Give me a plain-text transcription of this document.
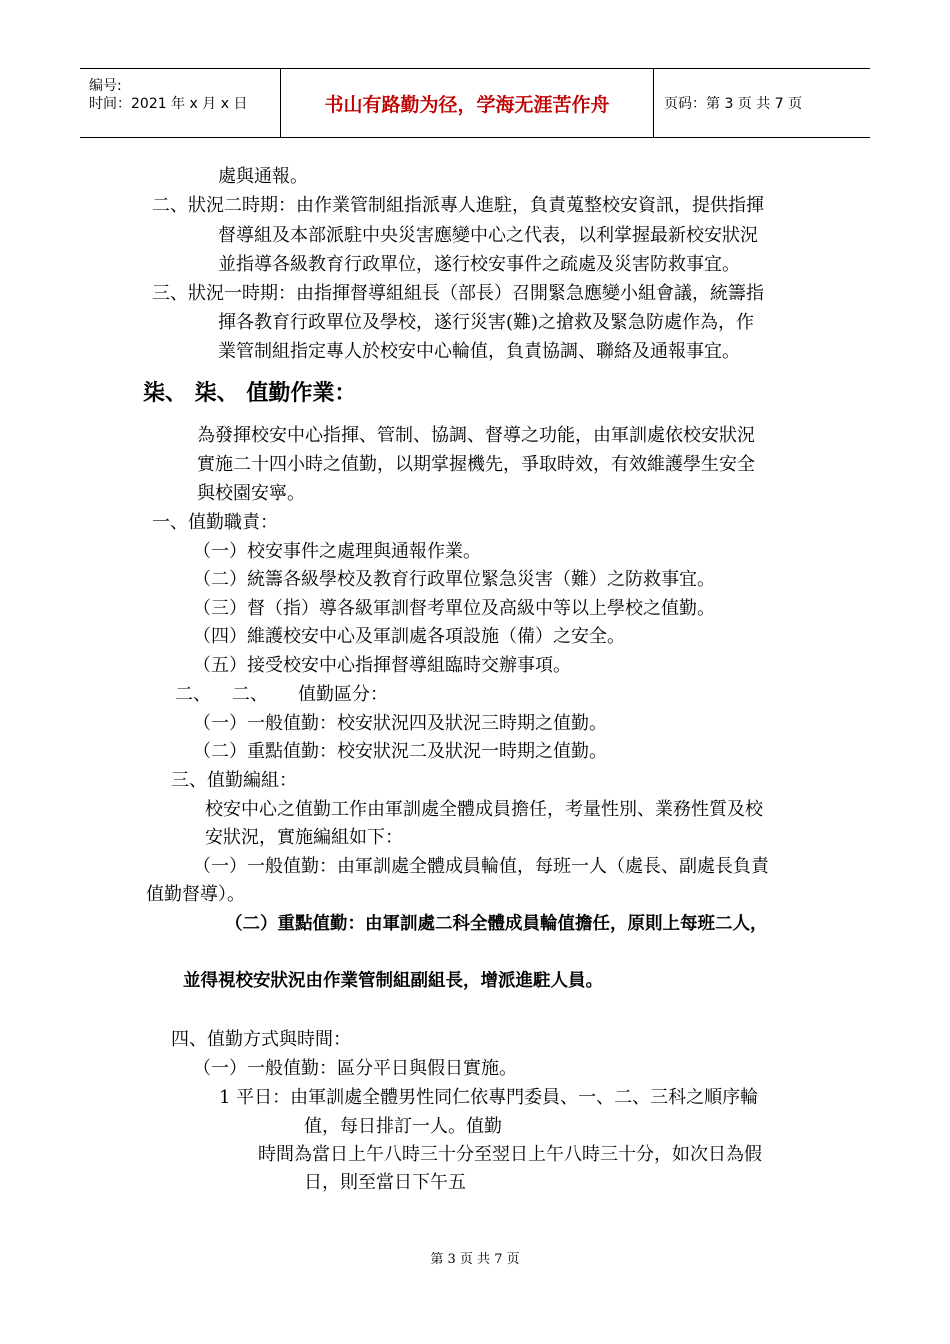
编号:
时间：2021 年 x 月 x 日	书山有路勤为径，学海无涯苦作舟	页码：第 3 页 共 7 页
處與通報。
二、狀況二時期：由作業管制組指派專人進駐，負責蒐整校安資訊，提供指揮
督導組及本部派駐中央災害應變中心之代表，以利掌握最新校安狀況
並指導各級教育行政單位，遂行校安事件之疏處及災害防救事宜。
三、狀況一時期：由指揮督導組組長（部長）召開緊急應變小組會議，統籌指
揮各教育行政單位及學校，遂行災害(難)之搶救及緊急防處作為，作
業管制組指定專人於校安中心輪值，負責協調、聯絡及通報事宜。
柒、 柒、 值勤作業：
為發揮校安中心指揮、管制、協調、督導之功能，由軍訓處依校安狀況
實施二十四小時之值勤，以期掌握機先，爭取時效，有效維護學生安全
與校園安寧。
一、值勤職責：
（一）校安事件之處理與通報作業。
（二）統籌各級學校及教育行政單位緊急災害（難）之防救事宜。
（三）督（指）導各級軍訓督考單位及高級中等以上學校之值勤。
（四）維護校安中心及軍訓處各項設施（備）之安全。
（五）接受校安中心指揮督導組臨時交辦事項。
二、 二、 值勤區分：
（一）一般值勤：校安狀況四及狀況三時期之值勤。
（二）重點值勤：校安狀況二及狀況一時期之值勤。
三、值勤編組：
校安中心之值勤工作由軍訓處全體成員擔任，考量性別、業務性質及校
安狀況，實施編組如下：
（一）一般值勤：由軍訓處全體成員輪值，每班一人（處長、副處長負責
值勤督導）。
（二）重點值勤：由軍訓處二科全體成員輪值擔任，原則上每班二人，
並得視校安狀況由作業管制組副組長，增派進駐人員。
四、值勤方式與時間：
（一）一般值勤：區分平日與假日實施。
1 平日：由軍訓處全體男性同仁依專門委員、一、二、三科之順序輪
值，每日排訂一人。值勤
時間為當日上午八時三十分至翌日上午八時三十分，如次日為假
日，則至當日下午五
第 3 页 共 7 页
